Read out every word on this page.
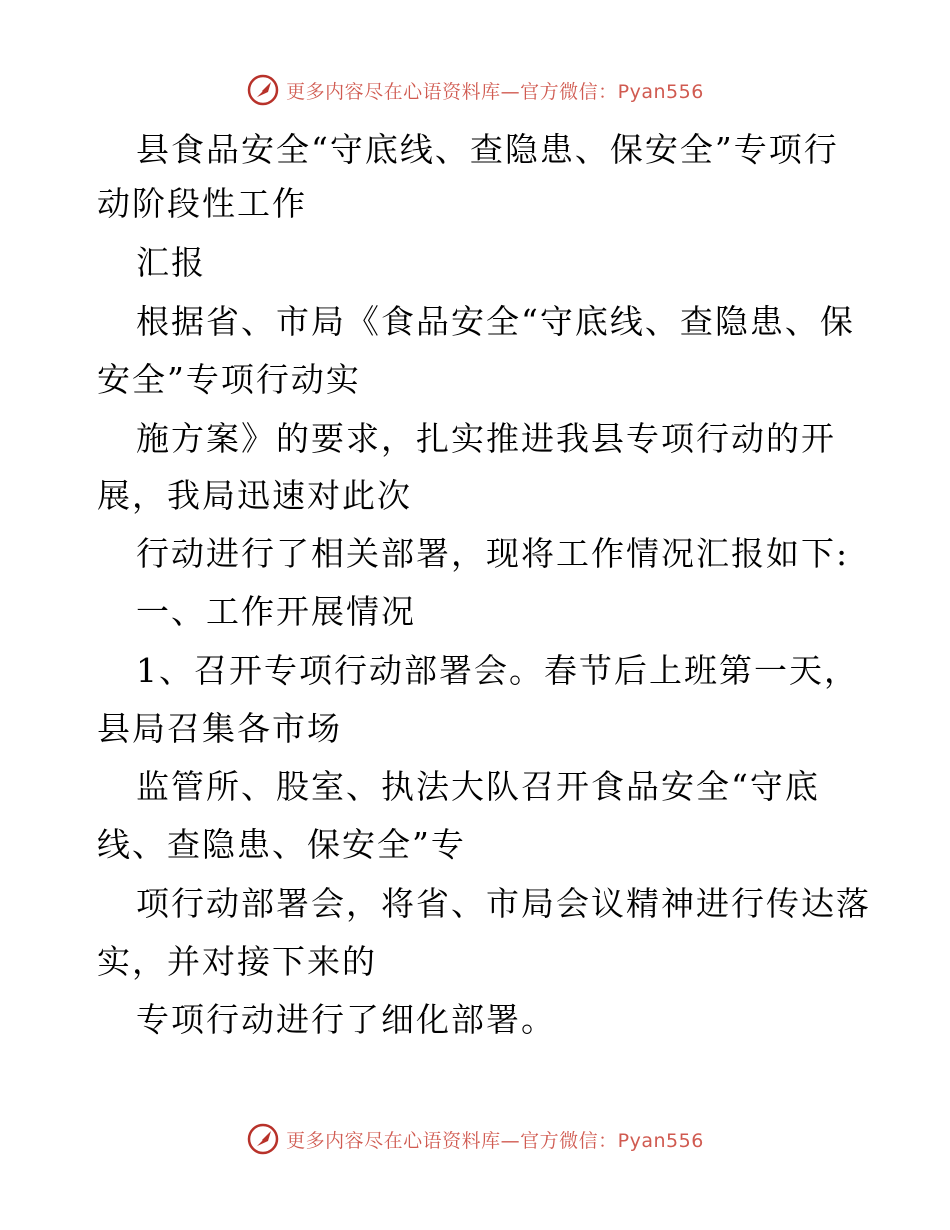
更多内容尽在心语资料库—官方微信：Pyan556
县食品安全“守底线、查隐患、保安全”专项行
动阶段性工作
汇报
根据省、市局《食品安全“守底线、查隐患、保
安全”专项行动实
施方案》的要求，扎实推进我县专项行动的开
展，我局迅速对此次
行动进行了相关部署，现将工作情况汇报如下:
一、工作开展情况
1、召开专项行动部署会。春节后上班第一天，
县局召集各市场
监管所、股室、执法大队召开食品安全“守底
线、查隐患、保安全”专
项行动部署会，将省、市局会议精神进行传达落
实，并对接下来的
专项行动进行了细化部署。
更多内容尽在心语资料库—官方微信：Pyan556
